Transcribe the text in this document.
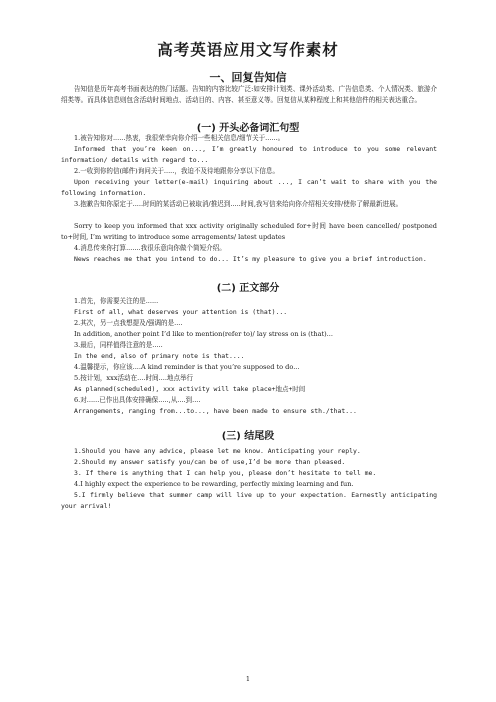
高考英语应用文写作素材
一、回复告知信

告知信是历年高考书面表达的热门话题。告知的内容比较广泛:如安排计划类、课外活动类、广告信息类、个人情况类、旅游介绍类等。而具体信息则包含活动时间地点、活动目的、内容、甚至意义等。回复信从某种程度上和其他信件的相关表达重合。

(一) 开头必备词汇句型

1.被告知你对......热衷，我很荣幸向你介绍一些相关信息/细节关于......。

Informed that you’re keen on..., I’m greatly honoured to introduce to you some relevant information/ details with regard to...

2.一收到你的信(邮件)询问关于.....，我迫不及待地跟你分享以下信息。

Upon receiving your letter(e-mail) inquiring about ..., I can’t wait to share with you the following information.

3.抱歉告知你原定于.....时间的某活动已被取消/推迟到.....时间,我写信来给向你介绍相关安排/使你了解最新进展。

Sorry to keep you informed that xxx activity originally scheduled for+时间 have been cancelled/ postponed to+时间, I’m writing to introduce some arragements/ latest updates

4.消息传来你打算.......我很乐意向你做个简短介绍。

News reaches me that you intend to do... It’s my pleasure to give you a brief introduction.

(二) 正文部分

1.首先，你需要关注的是......

First of all, what deserves your attention is (that)...

2.其次，另一点我想提及/强调的是....

In addition, another point I’d like to mention(refer to)/ lay stress on is (that)...

3.最后，同样值得注意的是.....

In the end, also of primary note is that....

4.温馨提示，你应该....A kind reminder is that you’re supposed to do...

5.按计划，xxx活动在....时间....地点举行

As planned(scheduled), xxx activity will take place+地点+时间

6.对......已作出具体安排确保.....,从....到....

Arrangements, ranging from...to..., have been made to ensure sth./that...

(三) 结尾段

1.Should you have any advice, please let me know. Anticipating your reply.

2.Should my answer satisfy you/can be of use,I’d be more than pleased.

3. If there is anything that I can help you, please don’t hesitate to tell me.

4.I highly expect the experience to be rewarding, perfectly mixing learning and fun.

5.I firmly believe that summer camp will live up to your expectation. Earnestly anticipating your arrival!

1
